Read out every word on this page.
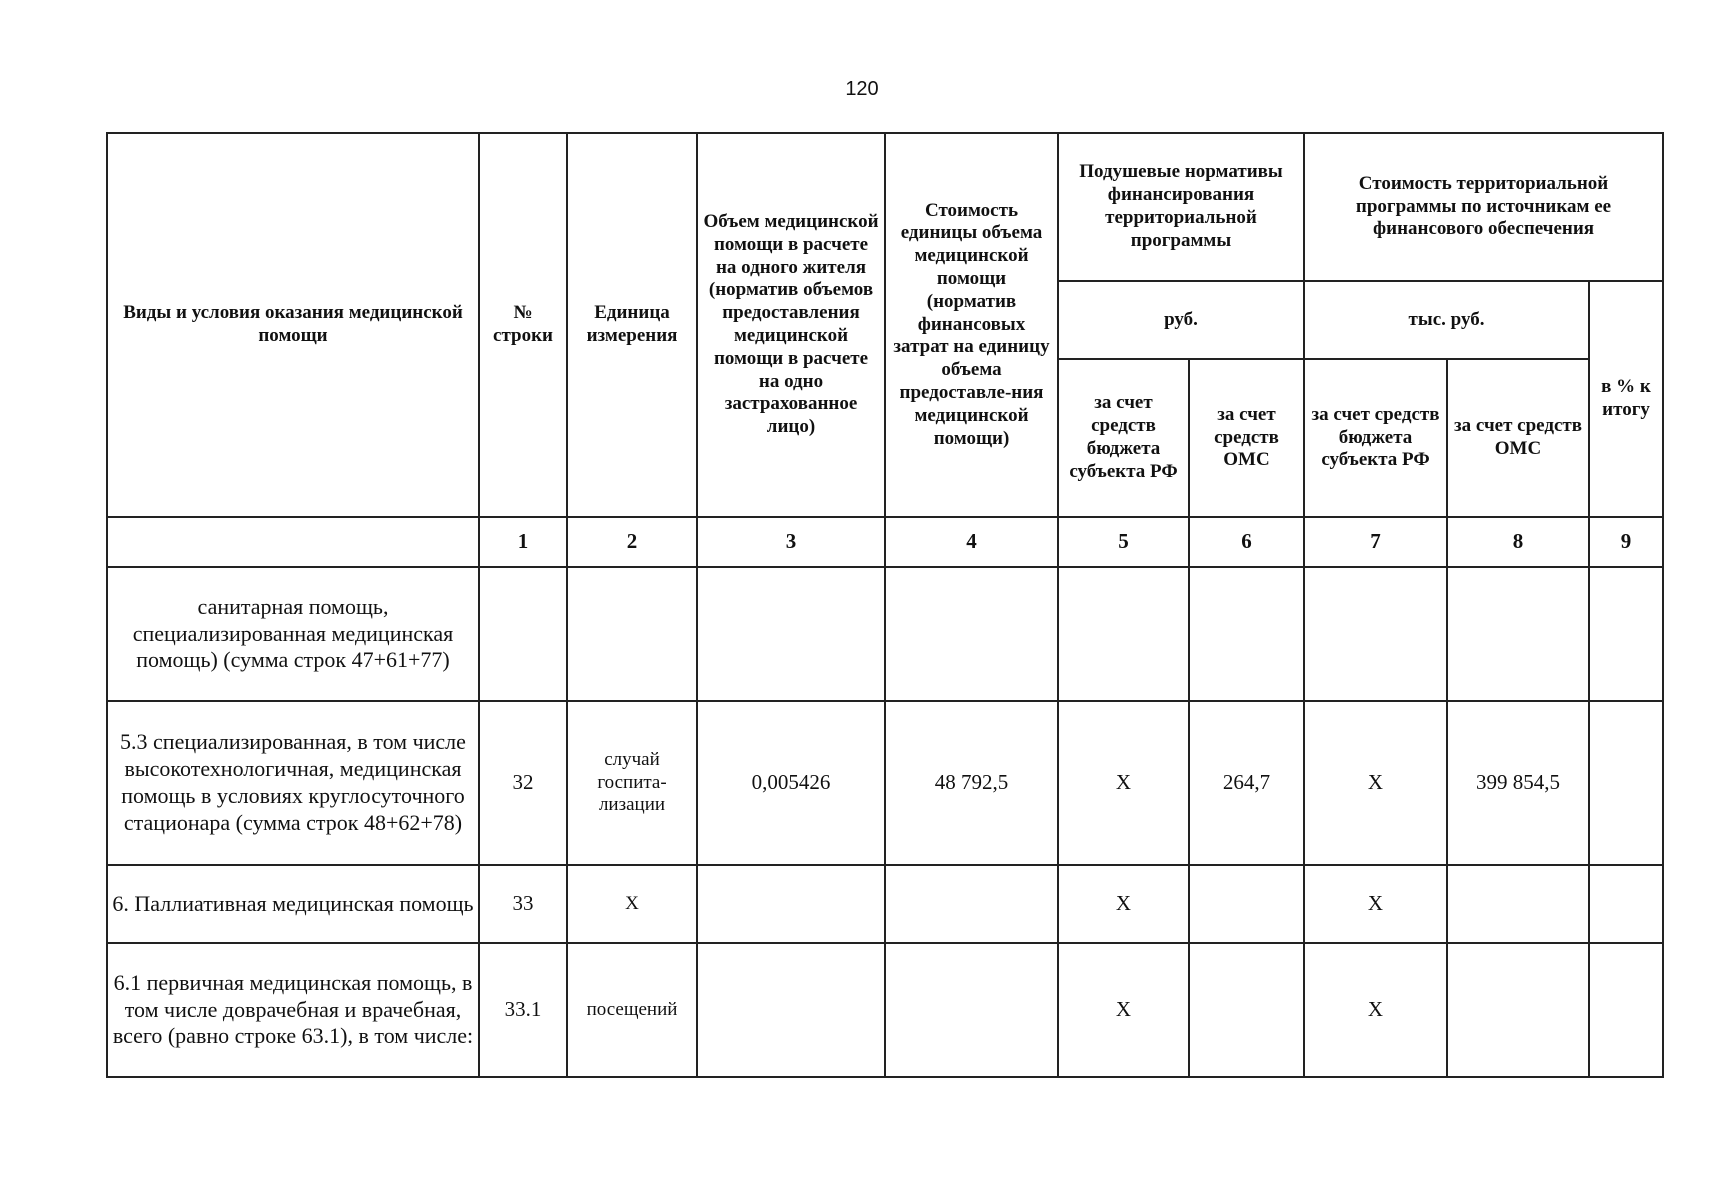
120
Виды и условия оказания медицинской помощи	№ строки	Единица измерения	Объем медицинской помощи в расчете на одного жителя (норматив объемов предоставления медицинской помощи в расчете на одно застрахованное лицо)	Стоимость единицы объема медицинской помощи (норматив финансовых затрат на единицу объема предоставле-ния медицинской помощи)	Подушевые нормативы финансирования территориальной программы		Стоимость территориальной программы по источникам ее финансового обеспечения		
					руб.		тыс. руб.		в % к итогу
					за счет средств бюджета субъекта РФ	за счет средств ОМС	за счет средств бюджета субъекта РФ	за счет средств ОМС	
	1	2	3	4	5	6	7	8	9
санитарная помощь, специализированная медицинская помощь) (сумма строк 47+61+77)									
5.3 специализированная, в том числе высокотехнологичная, медицинская помощь в условиях круглосуточного стационара (сумма строк 48+62+78)	32	случай госпита-лизации	0,005426	48 792,5	Х	264,7	Х	399 854,5	
6. Паллиативная медицинская помощь	33	Х			Х		Х		
6.1 первичная медицинская помощь, в том числе доврачебная и врачебная, всего (равно строке 63.1), в том числе:	33.1	посещений			Х		Х		
